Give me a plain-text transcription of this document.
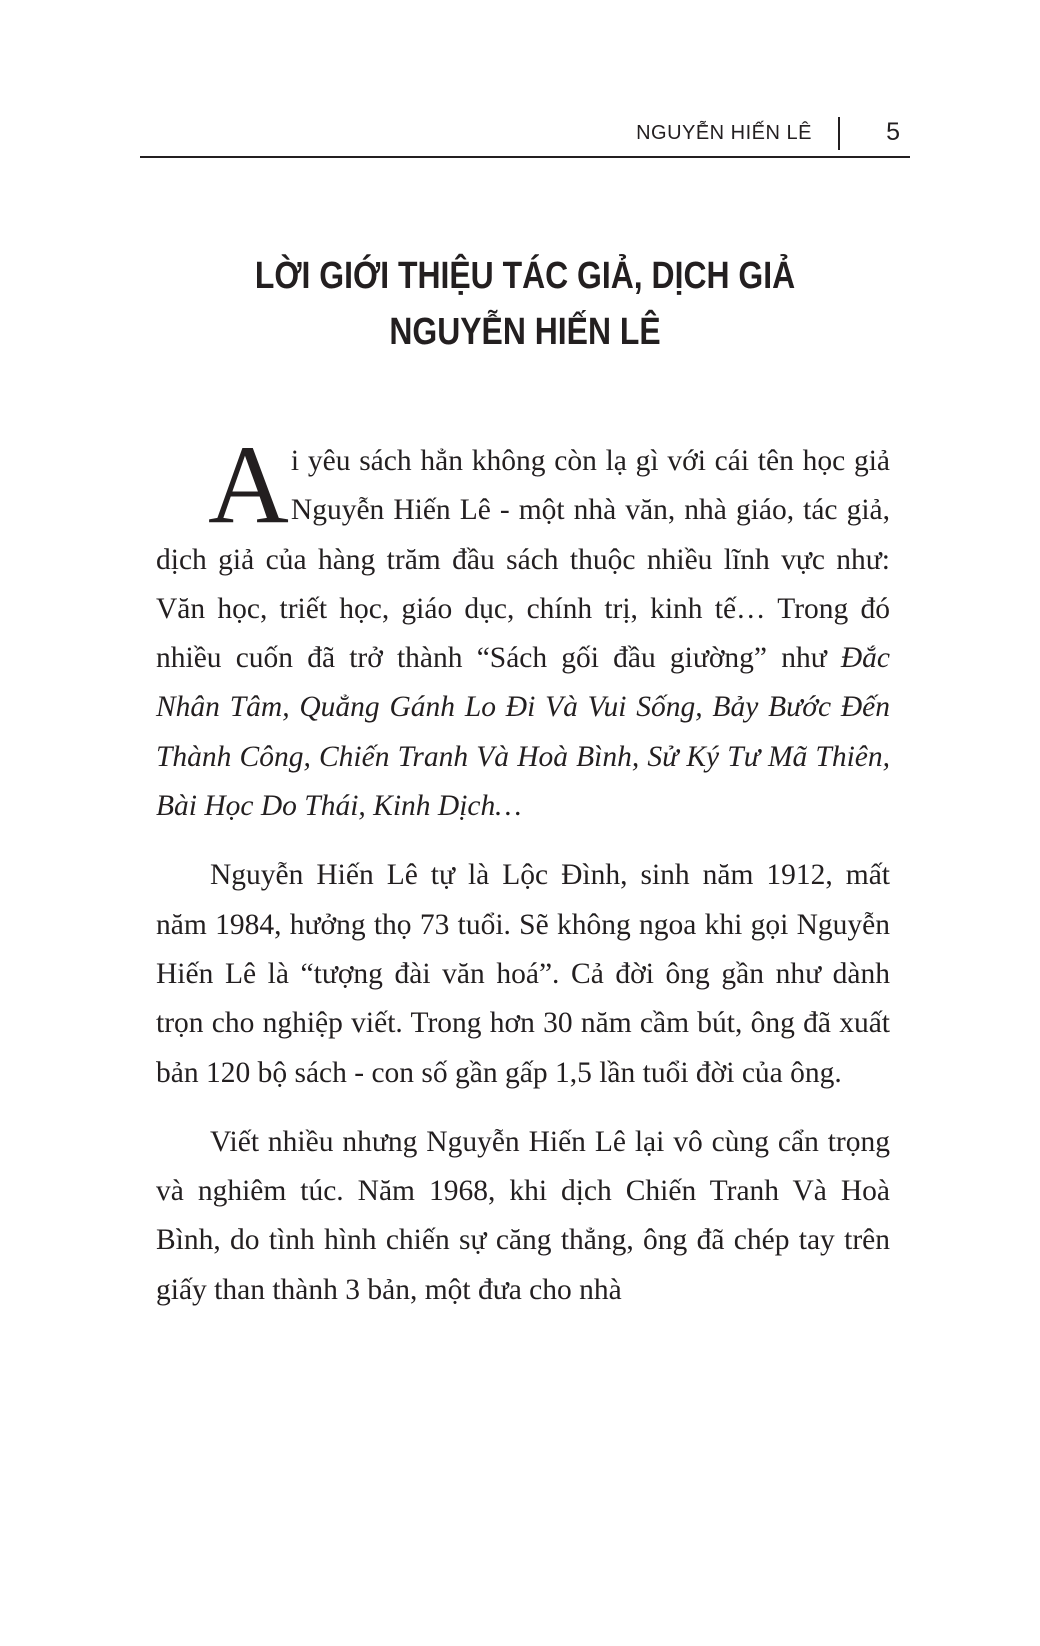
NGUYỄN HIẾN LÊ	5
LỜI GIỚI THIỆU TÁC GIẢ, DỊCH GIẢ
NGUYỄN HIẾN LÊ

Ai yêu sách hẳn không còn lạ gì với cái tên học giả Nguyễn Hiến Lê - một nhà văn, nhà giáo, tác giả, dịch giả của hàng trăm đầu sách thuộc nhiều lĩnh vực như: Văn học, triết học, giáo dục, chính trị, kinh tế… Trong đó nhiều cuốn đã trở thành “Sách gối đầu giường” như Đắc Nhân Tâm, Quẳng Gánh Lo Đi Và Vui Sống, Bảy Bước Đến Thành Công, Chiến Tranh Và Hoà Bình, Sử Ký Tư Mã Thiên, Bài Học Do Thái, Kinh Dịch…

Nguyễn Hiến Lê tự là Lộc Đình, sinh năm 1912, mất năm 1984, hưởng thọ 73 tuổi. Sẽ không ngoa khi gọi Nguyễn Hiến Lê là “tượng đài văn hoá”. Cả đời ông gần như dành trọn cho nghiệp viết. Trong hơn 30 năm cầm bút, ông đã xuất bản 120 bộ sách - con số gần gấp 1,5 lần tuổi đời của ông.

Viết nhiều nhưng Nguyễn Hiến Lê lại vô cùng cẩn trọng và nghiêm túc. Năm 1968, khi dịch Chiến Tranh Và Hoà Bình, do tình hình chiến sự căng thẳng, ông đã chép tay trên giấy than thành 3 bản, một đưa cho nhà
